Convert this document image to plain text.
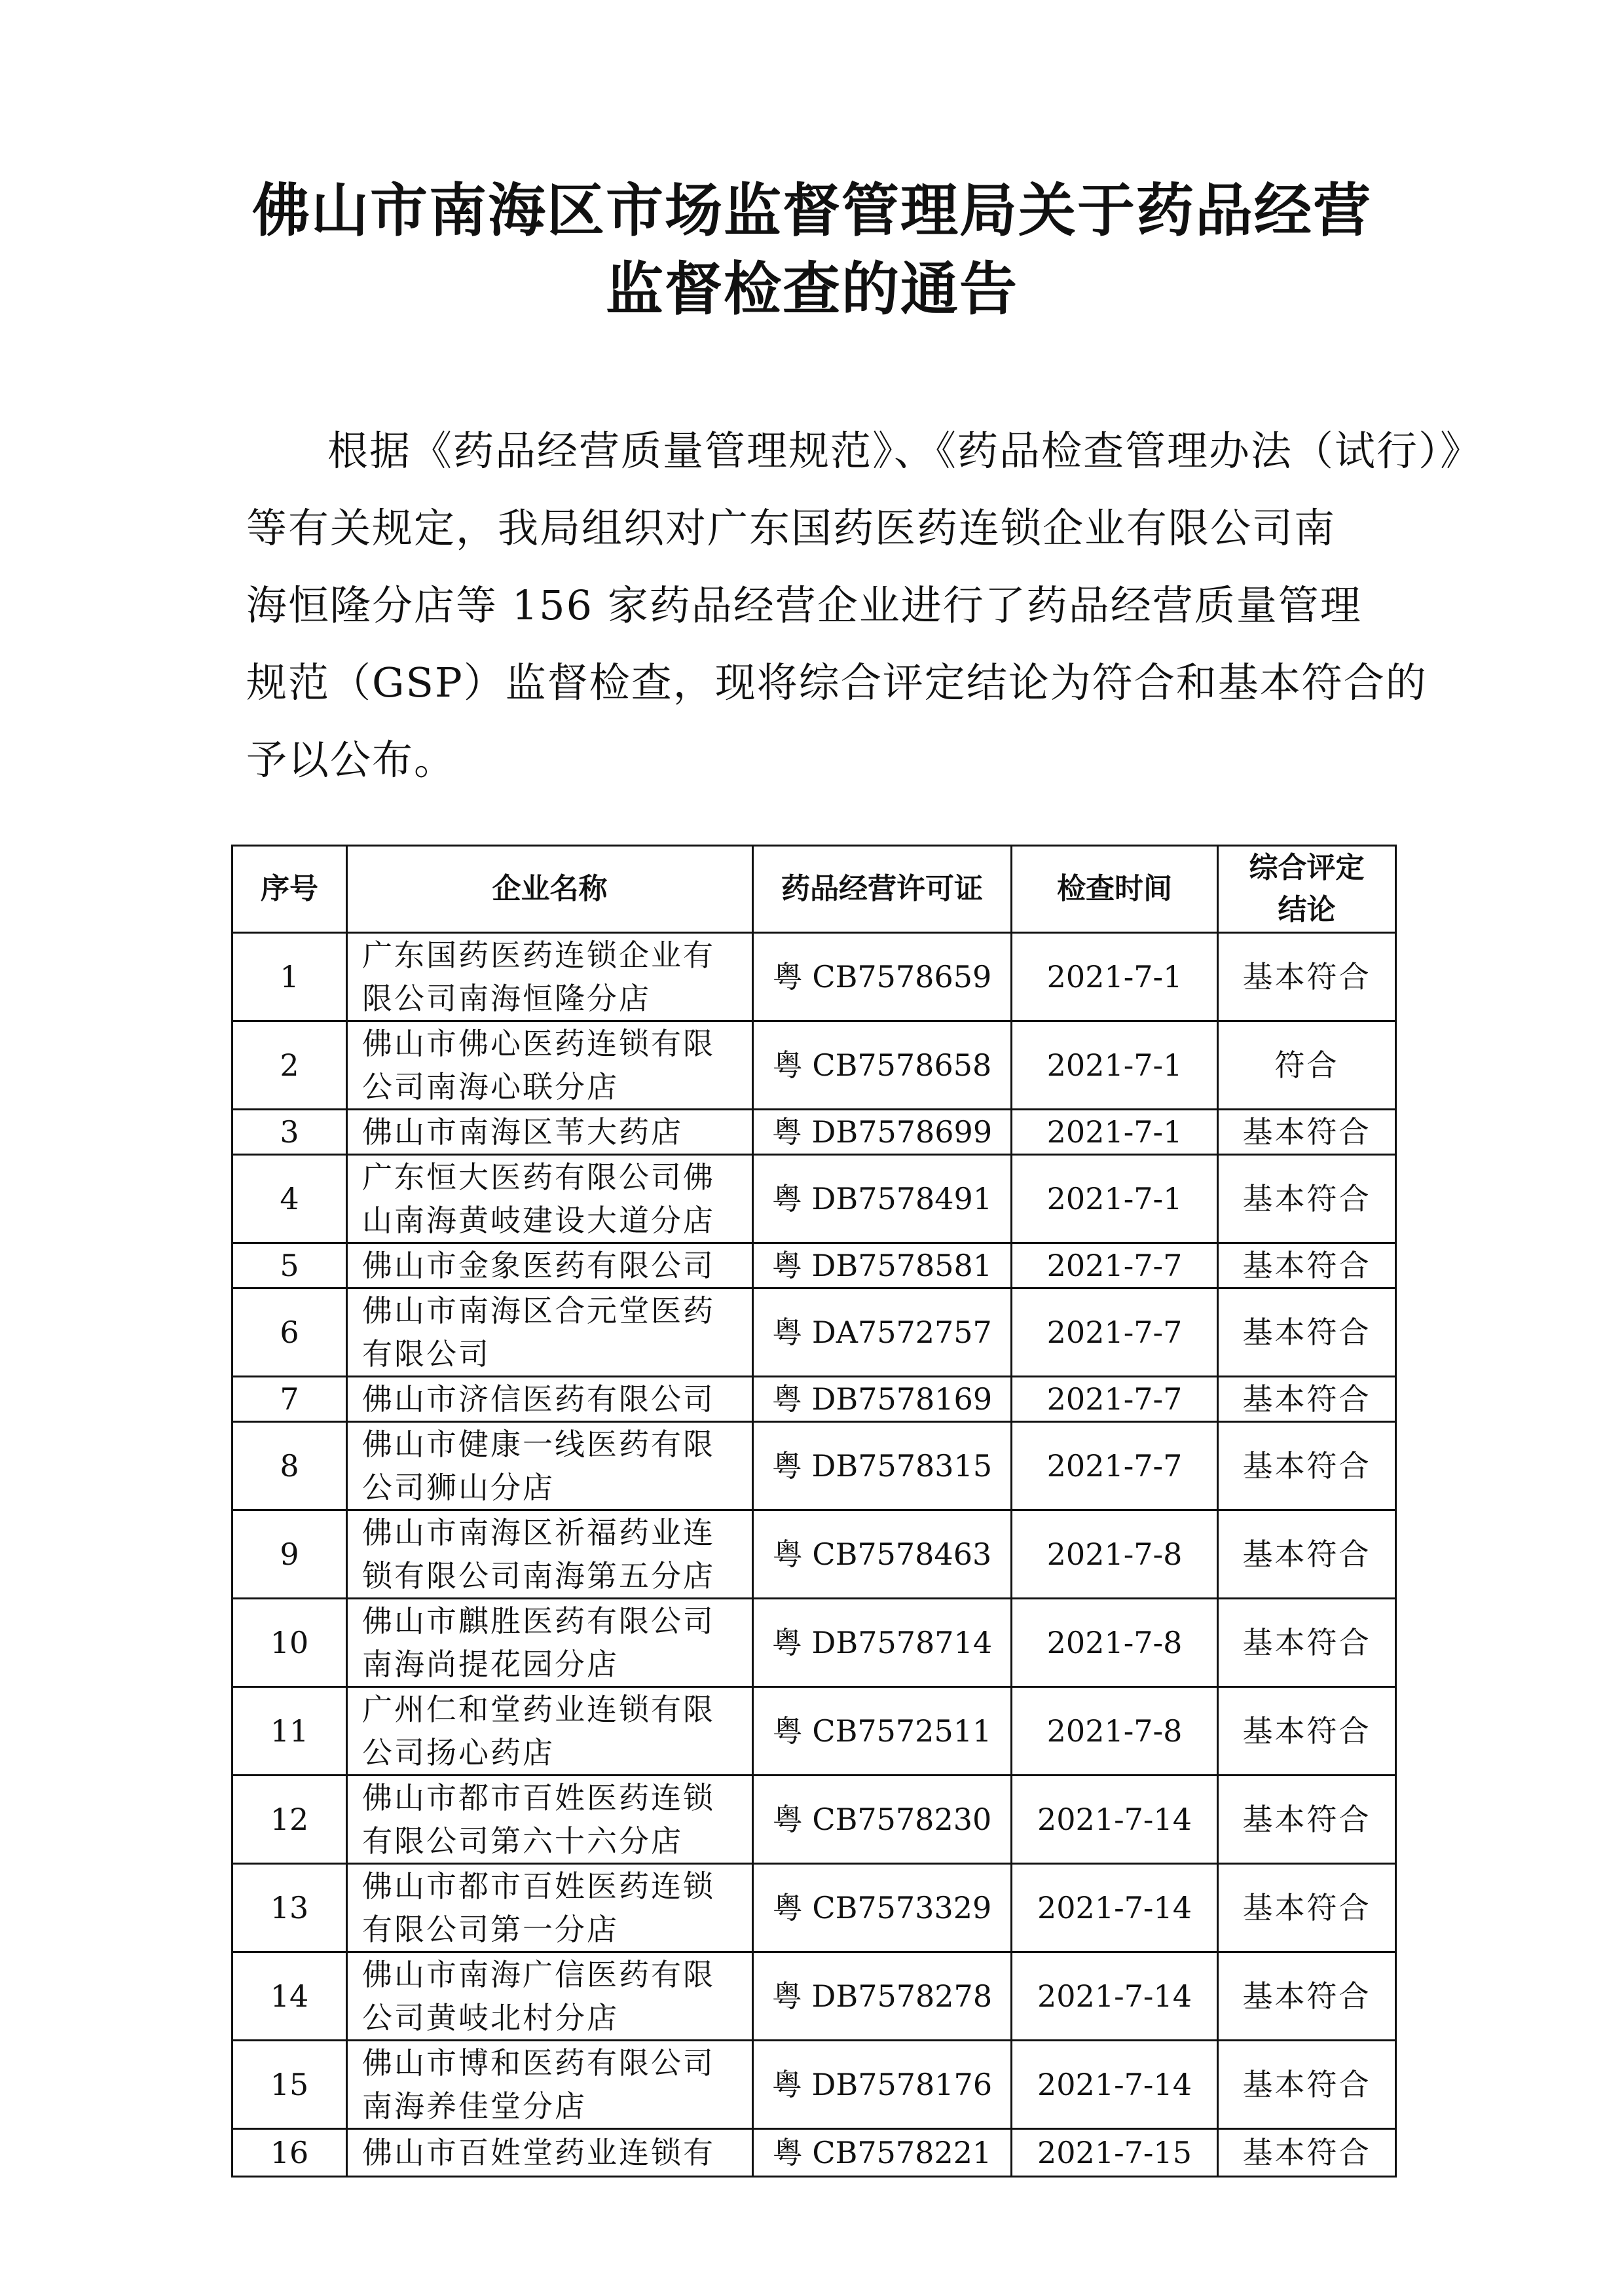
佛山市南海区市场监督管理局关于药品经营
监督检查的通告
根据《药品经营质量管理规范》、《药品检查管理办法（试行）》
等有关规定，我局组织对广东国药医药连锁企业有限公司南
海恒隆分店等 156 家药品经营企业进行了药品经营质量管理
规范（GSP）监督检查，现将综合评定结论为符合和基本符合的
予以公布。
序号	企业名称	药品经营许可证	检查时间	综合评定
结论

1	广东国药医药连锁企业有
限公司南海恒隆分店	粤 CB7578659	2021-7-1	基本符合
2	佛山市佛心医药连锁有限
公司南海心联分店	粤 CB7578658	2021-7-1	符合
3	佛山市南海区苇大药店	粤 DB7578699	2021-7-1	基本符合
4	广东恒大医药有限公司佛
山南海黄岐建设大道分店	粤 DB7578491	2021-7-1	基本符合
5	佛山市金象医药有限公司	粤 DB7578581	2021-7-7	基本符合
6	佛山市南海区合元堂医药
有限公司	粤 DA7572757	2021-7-7	基本符合
7	佛山市济信医药有限公司	粤 DB7578169	2021-7-7	基本符合
8	佛山市健康一线医药有限
公司狮山分店	粤 DB7578315	2021-7-7	基本符合
9	佛山市南海区祈福药业连
锁有限公司南海第五分店	粤 CB7578463	2021-7-8	基本符合
10	佛山市麒胜医药有限公司
南海尚提花园分店	粤 DB7578714	2021-7-8	基本符合
11	广州仁和堂药业连锁有限
公司扬心药店	粤 CB7572511	2021-7-8	基本符合
12	佛山市都市百姓医药连锁
有限公司第六十六分店	粤 CB7578230	2021-7-14	基本符合
13	佛山市都市百姓医药连锁
有限公司第一分店	粤 CB7573329	2021-7-14	基本符合
14	佛山市南海广信医药有限
公司黄岐北村分店	粤 DB7578278	2021-7-14	基本符合
15	佛山市博和医药有限公司
南海养佳堂分店	粤 DB7578176	2021-7-14	基本符合
16	佛山市百姓堂药业连锁有	粤 CB7578221	2021-7-15	基本符合
